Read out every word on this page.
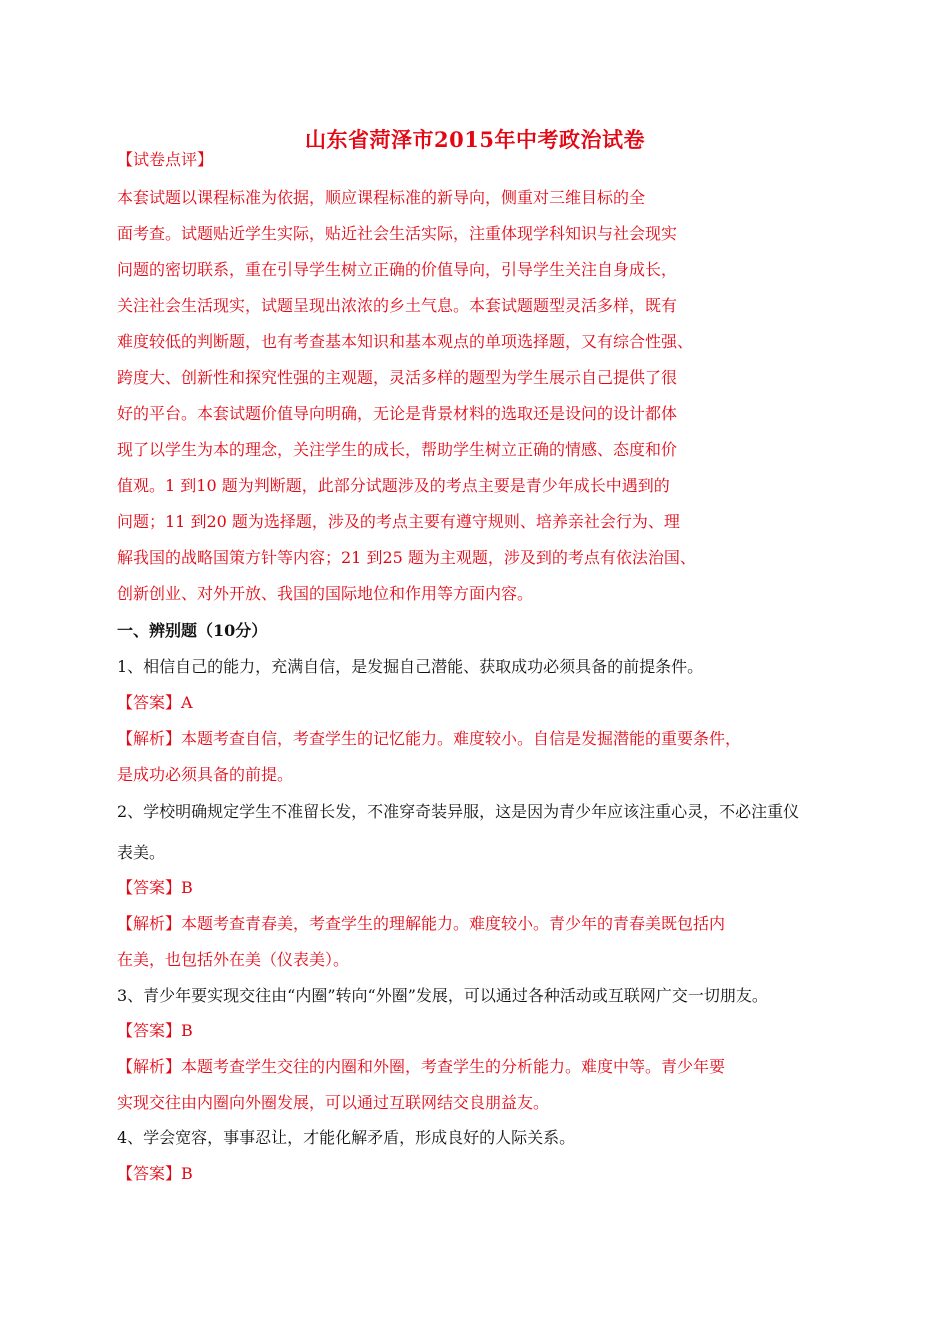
山东省菏泽市2015年中考政治试卷
【试卷点评】
本套试题以课程标准为依据，顺应课程标准的新导向，侧重对三维目标的全
面考查。试题贴近学生实际，贴近社会生活实际，注重体现学科知识与社会现实
问题的密切联系，重在引导学生树立正确的价值导向，引导学生关注自身成长，
关注社会生活现实，试题呈现出浓浓的乡土气息。本套试题题型灵活多样，既有
难度较低的判断题，也有考查基本知识和基本观点的单项选择题，又有综合性强、
跨度大、创新性和探究性强的主观题，灵活多样的题型为学生展示自己提供了很
好的平台。本套试题价值导向明确，无论是背景材料的选取还是设问的设计都体
现了以学生为本的理念，关注学生的成长，帮助学生树立正确的情感、态度和价
值观。1 到10 题为判断题，此部分试题涉及的考点主要是青少年成长中遇到的
问题；11 到20 题为选择题，涉及的考点主要有遵守规则、培养亲社会行为、理
解我国的战略国策方针等内容；21 到25 题为主观题，涉及到的考点有依法治国、
创新创业、对外开放、我国的国际地位和作用等方面内容。
一、辨别题（10分）
1、相信自己的能力，充满自信，是发掘自己潜能、获取成功必须具备的前提条件。
【答案】A
【解析】本题考查自信，考查学生的记忆能力。难度较小。自信是发掘潜能的重要条件，
是成功必须具备的前提。
2、学校明确规定学生不准留长发，不准穿奇装异服，这是因为青少年应该注重心灵，不必注重仪
表美。
【答案】B
【解析】本题考查青春美，考查学生的理解能力。难度较小。青少年的青春美既包括内
在美，也包括外在美（仪表美）。
3、青少年要实现交往由“内圈”转向“外圈”发展，可以通过各种活动或互联网广交一切朋友。
【答案】B
【解析】本题考查学生交往的内圈和外圈，考查学生的分析能力。难度中等。青少年要
实现交往由内圈向外圈发展，可以通过互联网结交良朋益友。
4、学会宽容，事事忍让，才能化解矛盾，形成良好的人际关系。
【答案】B
